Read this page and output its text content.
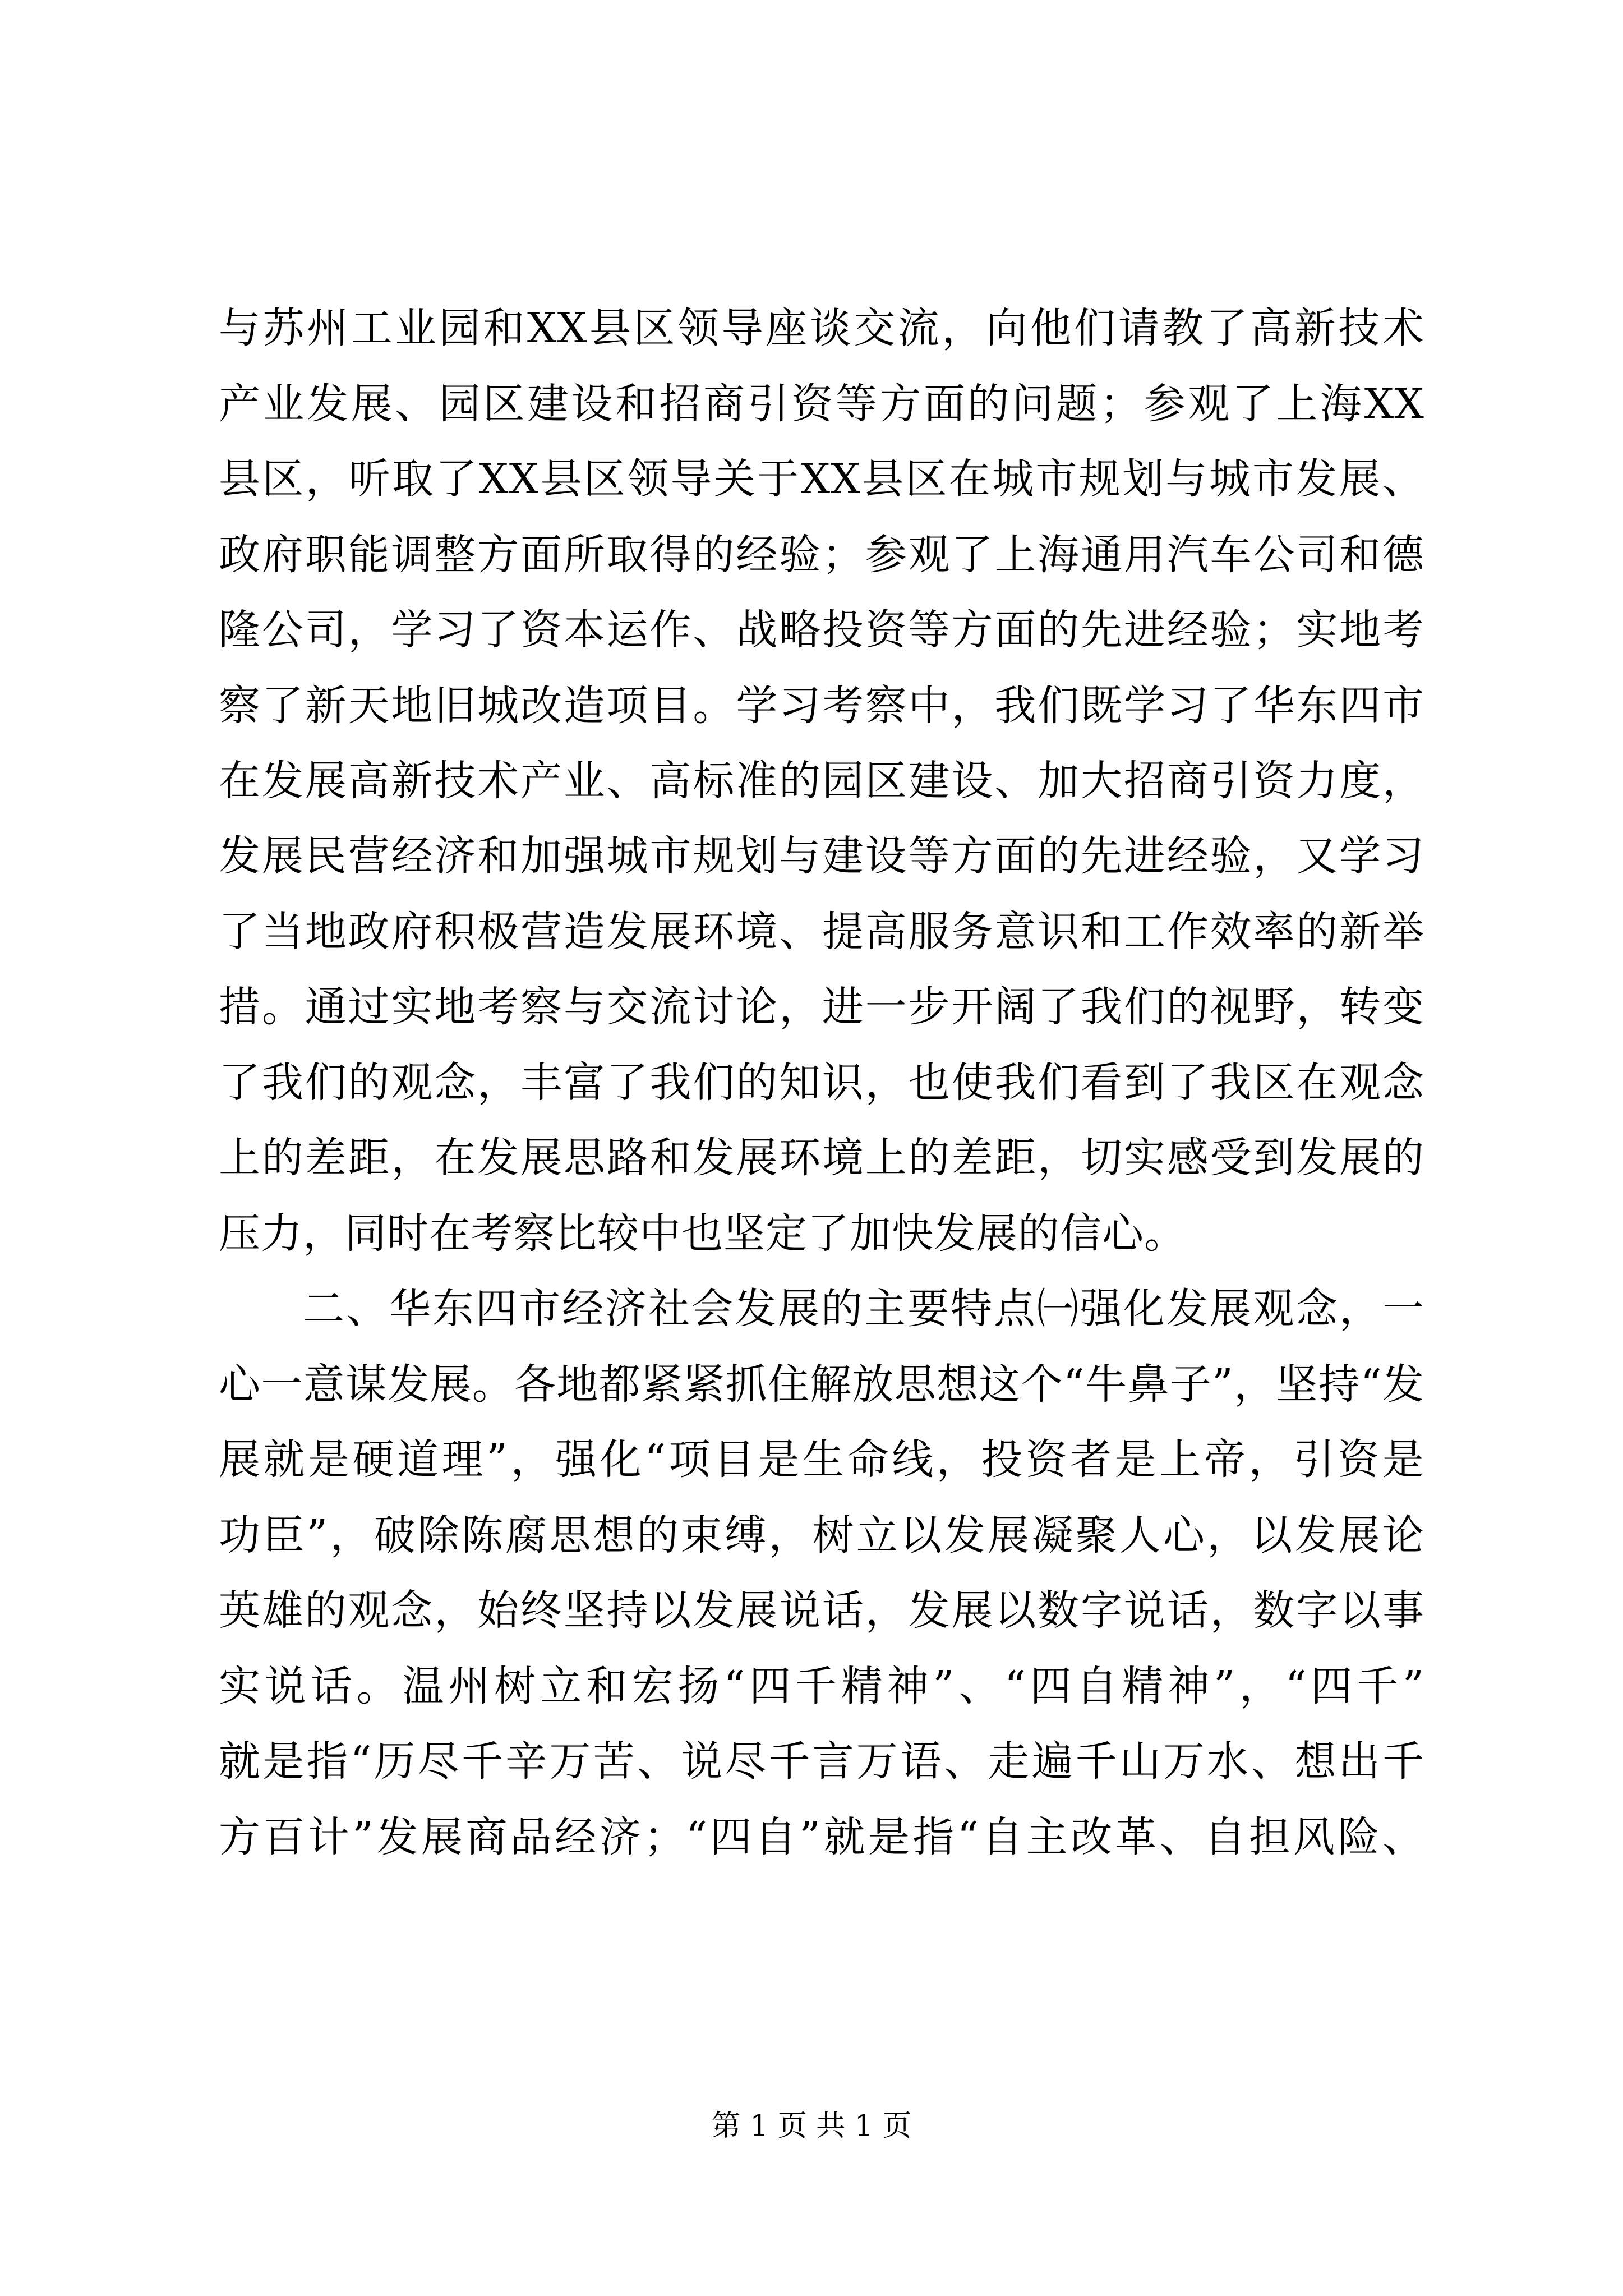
与苏州工业园和XX县区领导座谈交流，向他们请教了高新技术
产业发展、园区建设和招商引资等方面的问题；参观了上海XX
县区，听取了XX县区领导关于XX县区在城市规划与城市发展、
政府职能调整方面所取得的经验；参观了上海通用汽车公司和德
隆公司，学习了资本运作、战略投资等方面的先进经验；实地考
察了新天地旧城改造项目。学习考察中，我们既学习了华东四市
在发展高新技术产业、高标准的园区建设、加大招商引资力度，
发展民营经济和加强城市规划与建设等方面的先进经验，又学习
了当地政府积极营造发展环境、提高服务意识和工作效率的新举
措。通过实地考察与交流讨论，进一步开阔了我们的视野，转变
了我们的观念，丰富了我们的知识，也使我们看到了我区在观念
上的差距，在发展思路和发展环境上的差距，切实感受到发展的
压力，同时在考察比较中也坚定了加快发展的信心。
二、华东四市经济社会发展的主要特点㈠强化发展观念，一
心一意谋发展。各地都紧紧抓住解放思想这个“牛鼻子”，坚持“发
展就是硬道理”，强化“项目是生命线，投资者是上帝，引资是
功臣”，破除陈腐思想的束缚，树立以发展凝聚人心，以发展论
英雄的观念，始终坚持以发展说话，发展以数字说话，数字以事
实说话。温州树立和宏扬“四千精神”、“四自精神”，“四千”
就是指“历尽千辛万苦、说尽千言万语、走遍千山万水、想出千
方百计”发展商品经济；“四自”就是指“自主改革、自担风险、
第 1 页 共 1 页
